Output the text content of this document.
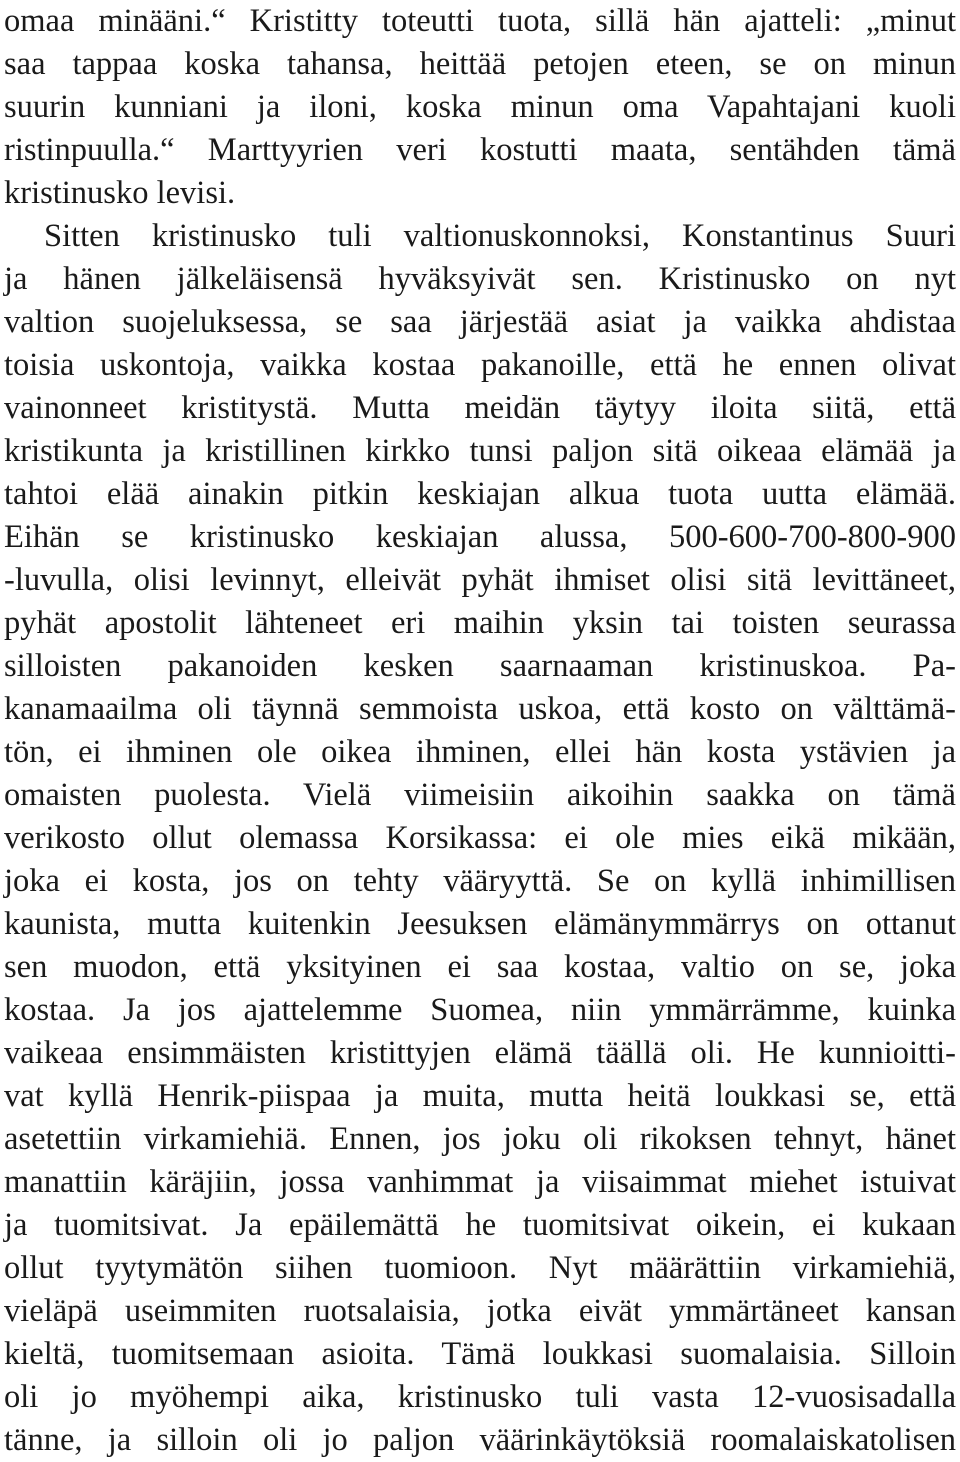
omaa minääni.“ Kristitty toteutti tuota, sillä hän ajatteli: „minut
saa tappaa koska tahansa, heittää petojen eteen, se on minun
suurin kunniani ja iloni, koska minun oma Vapahtajani kuoli
ristinpuulla.“ Marttyyrien veri kostutti maata, sentähden tämä
kristinusko levisi.
Sitten kristinusko tuli valtionuskonnoksi, Konstantinus Suuri
ja hänen jälkeläisensä hyväksyivät sen. Kristinusko on nyt
valtion suojeluksessa, se saa järjestää asiat ja vaikka ahdistaa
toisia uskontoja, vaikka kostaa pakanoille, että he ennen olivat
vainonneet kristitystä. Mutta meidän täytyy iloita siitä, että
kristikunta ja kristillinen kirkko tunsi paljon sitä oikeaa elämää ja
tahtoi elää ainakin pitkin keskiajan alkua tuota uutta elämää.
Eihän se kristinusko keskiajan alussa, 500-600-700-800-900
-luvulla, olisi levinnyt, elleivät pyhät ihmiset olisi sitä levittäneet,
pyhät apostolit lähteneet eri maihin yksin tai toisten seurassa
silloisten pakanoiden kesken saarnaaman kristinuskoa. Pa-
kanamaailma oli täynnä semmoista uskoa, että kosto on välttämä-
tön, ei ihminen ole oikea ihminen, ellei hän kosta ystävien ja
omaisten puolesta. Vielä viimeisiin aikoihin saakka on tämä
verikosto ollut olemassa Korsikassa: ei ole mies eikä mikään,
joka ei kosta, jos on tehty vääryyttä. Se on kyllä inhimillisen
kaunista, mutta kuitenkin Jeesuksen elämänymmärrys on ottanut
sen muodon, että yksityinen ei saa kostaa, valtio on se, joka
kostaa. Ja jos ajattelemme Suomea, niin ymmärrämme, kuinka
vaikeaa ensimmäisten kristittyjen elämä täällä oli. He kunnioitti-
vat kyllä Henrik-piispaa ja muita, mutta heitä loukkasi se, että
asetettiin virkamiehiä. Ennen, jos joku oli rikoksen tehnyt, hänet
manattiin käräjiin, jossa vanhimmat ja viisaimmat miehet istuivat
ja tuomitsivat. Ja epäilemättä he tuomitsivat oikein, ei kukaan
ollut tyytymätön siihen tuomioon. Nyt määrättiin virkamiehiä,
vieläpä useimmiten ruotsalaisia, jotka eivät ymmärtäneet kansan
kieltä, tuomitsemaan asioita. Tämä loukkasi suomalaisia. Silloin
oli jo myöhempi aika, kristinusko tuli vasta 12-vuosisadalla
tänne, ja silloin oli jo paljon väärinkäytöksiä roomalaiskatolisen
